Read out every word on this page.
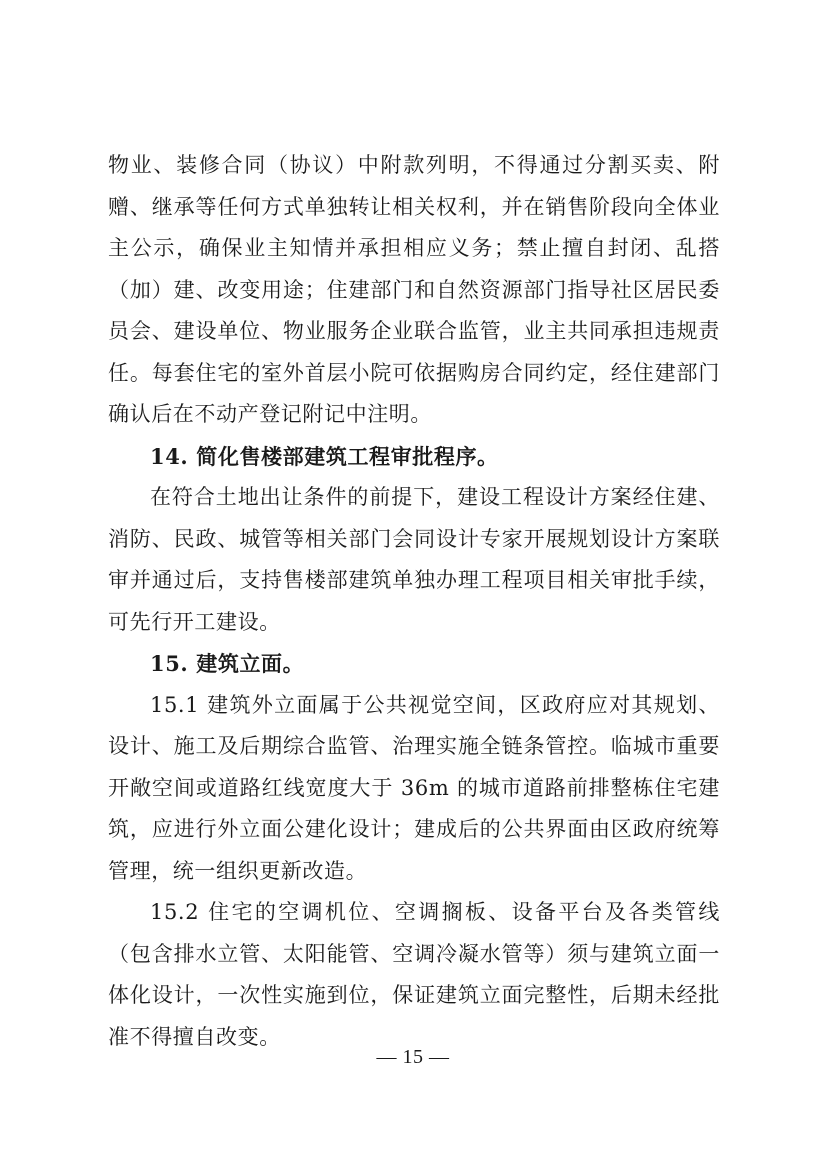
物业、装修合同（协议）中附款列明，不得通过分割买卖、附赠、继承等任何方式单独转让相关权利，并在销售阶段向全体业主公示，确保业主知情并承担相应义务；禁止擅自封闭、乱搭（加）建、改变用途；住建部门和自然资源部门指导社区居民委员会、建设单位、物业服务企业联合监管，业主共同承担违规责任。每套住宅的室外首层小院可依据购房合同约定，经住建部门确认后在不动产登记附记中注明。

14. 简化售楼部建筑工程审批程序。

在符合土地出让条件的前提下，建设工程设计方案经住建、消防、民政、城管等相关部门会同设计专家开展规划设计方案联审并通过后，支持售楼部建筑单独办理工程项目相关审批手续，可先行开工建设。

15. 建筑立面。

15.1 建筑外立面属于公共视觉空间，区政府应对其规划、设计、施工及后期综合监管、治理实施全链条管控。临城市重要开敞空间或道路红线宽度大于 36m 的城市道路前排整栋住宅建筑，应进行外立面公建化设计；建成后的公共界面由区政府统筹管理，统一组织更新改造。

15.2 住宅的空调机位、空调搁板、设备平台及各类管线（包含排水立管、太阳能管、空调冷凝水管等）须与建筑立面一体化设计，一次性实施到位，保证建筑立面完整性，后期未经批准不得擅自改变。

— 15 —
